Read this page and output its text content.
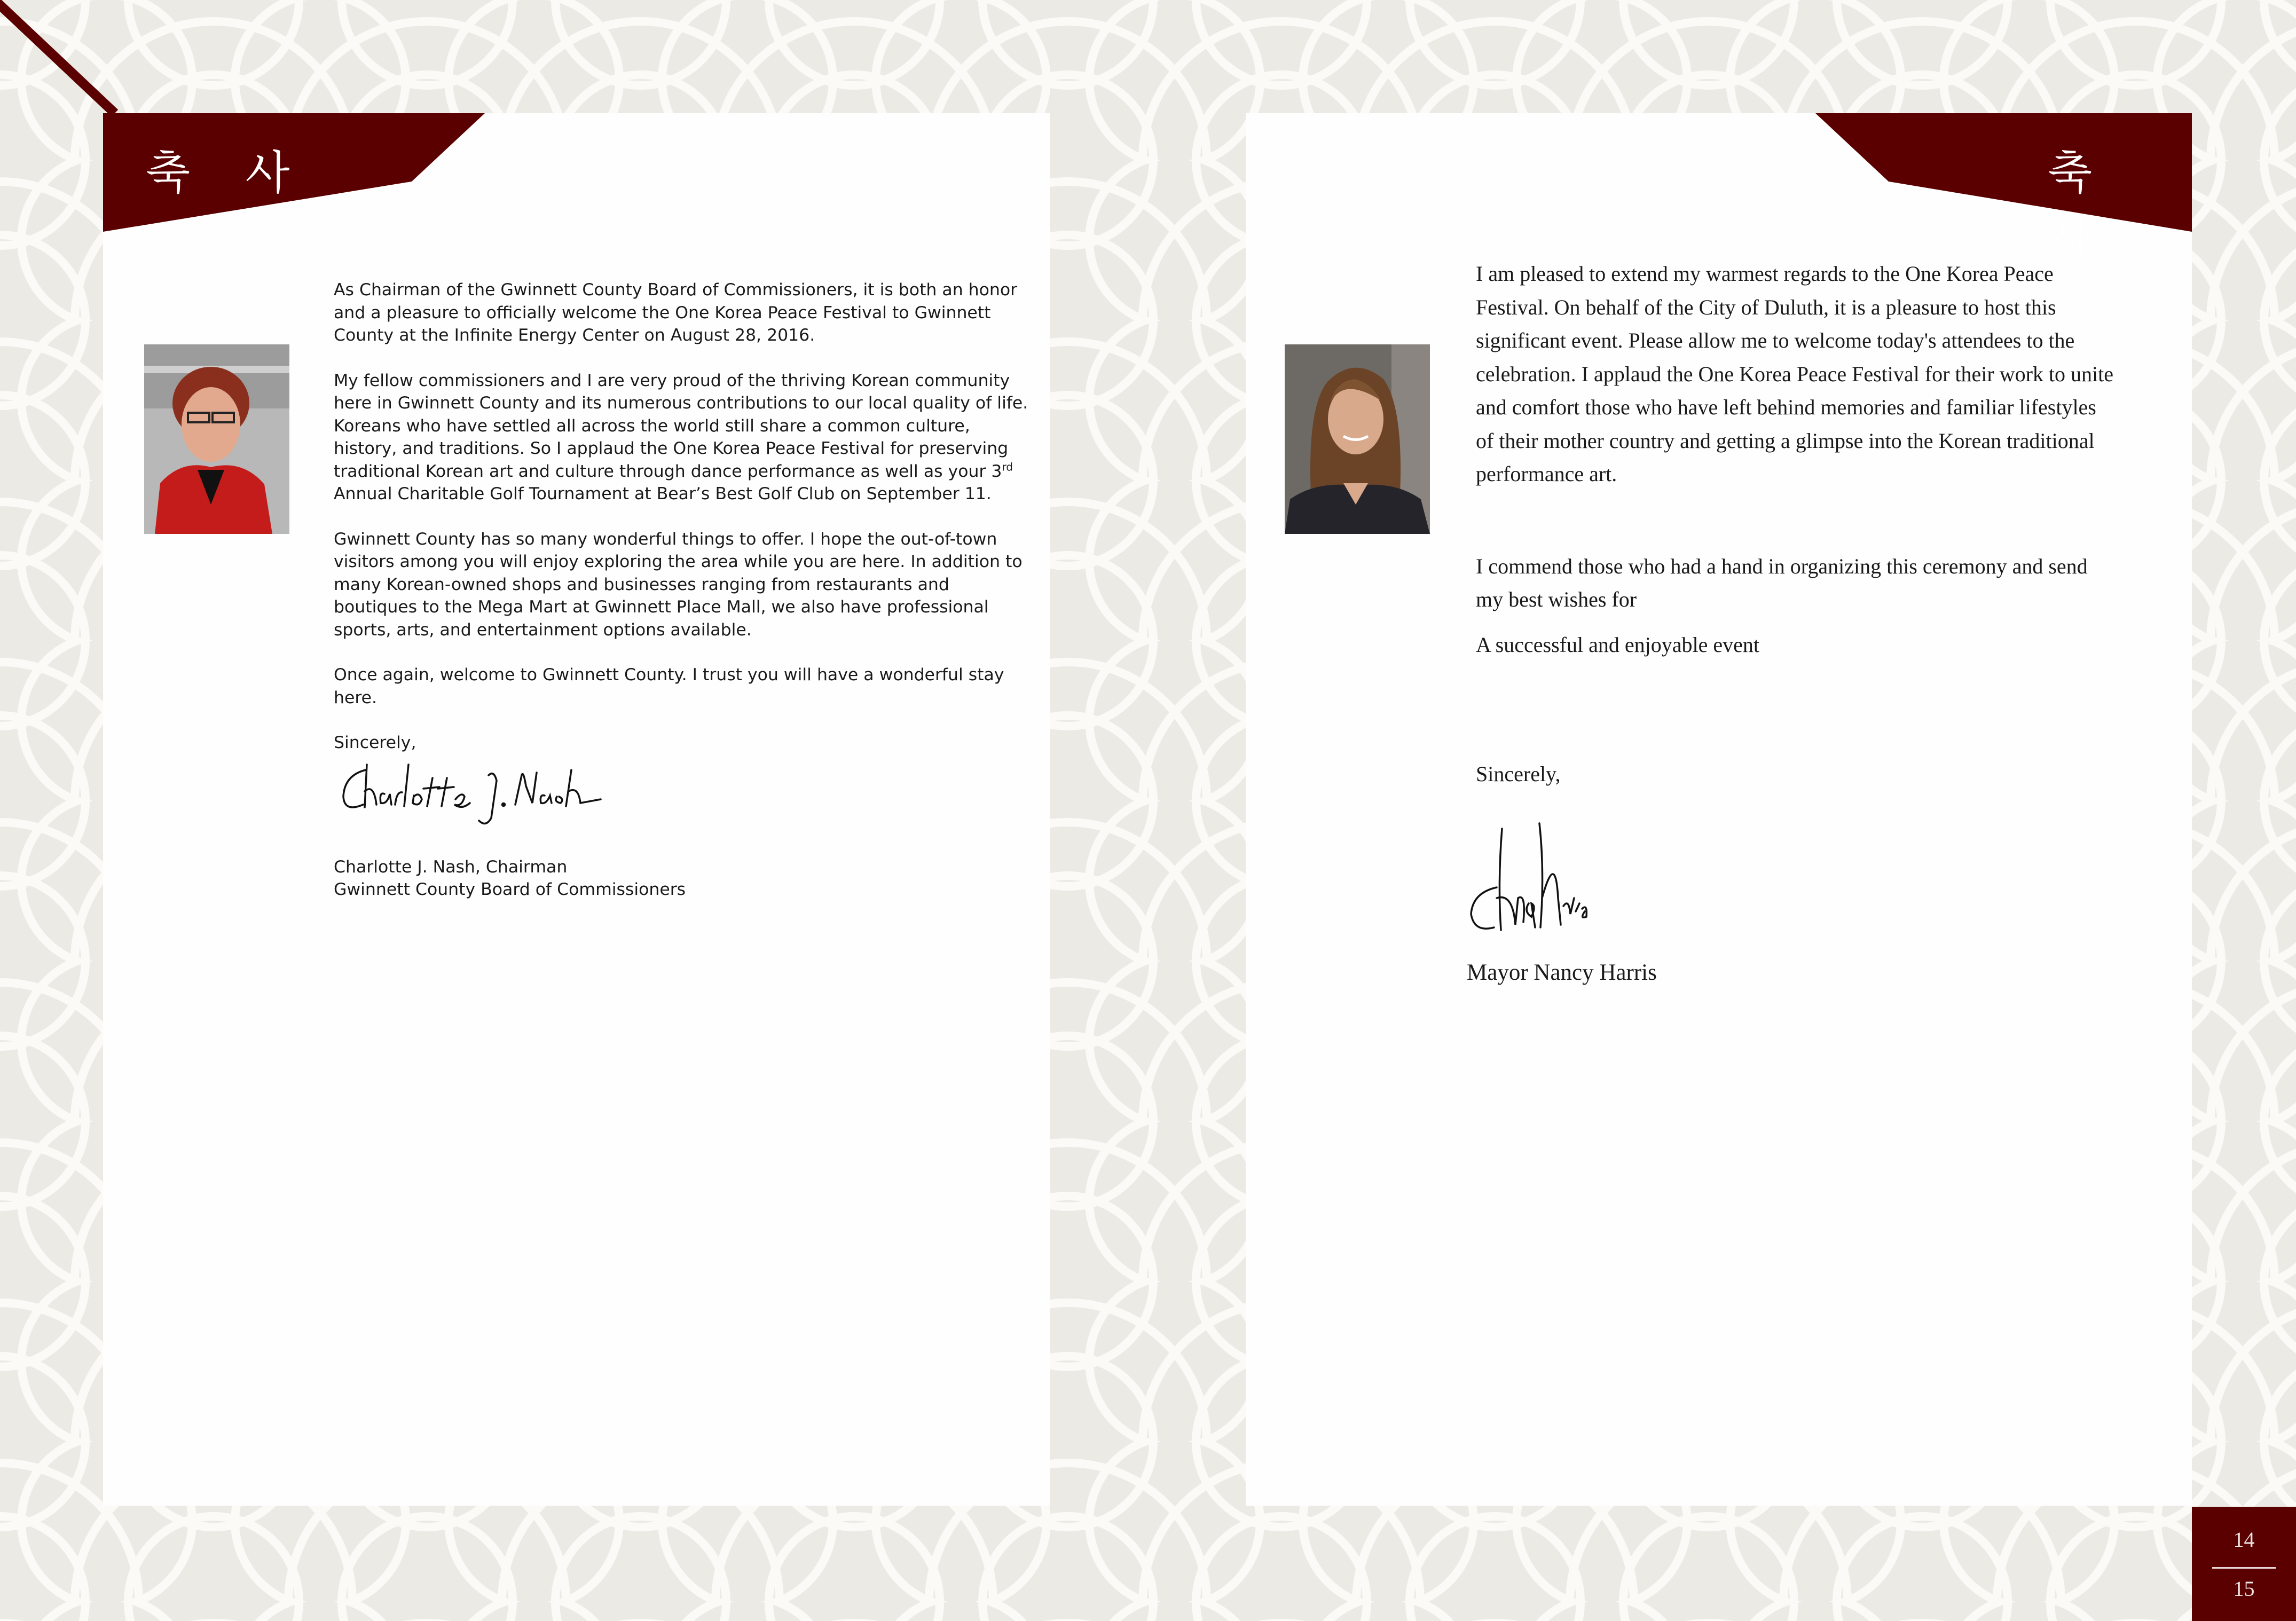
축 사

As Chairman of the Gwinnett County Board of Commissioners, it is both an honor and a pleasure to officially welcome the One Korea Peace Festival to Gwinnett County at the Infinite Energy Center on August 28, 2016.

My fellow commissioners and I are very proud of the thriving Korean community here in Gwinnett County and its numerous contributions to our local quality of life. Koreans who have settled all across the world still share a common culture, history, and traditions. So I applaud the One Korea Peace Festival for preserving traditional Korean art and culture through dance performance as well as your 3rd Annual Charitable Golf Tournament at Bear’s Best Golf Club on September 11.

Gwinnett County has so many wonderful things to offer. I hope the out-of-town visitors among you will enjoy exploring the area while you are here. In addition to many Korean-owned shops and businesses ranging from restaurants and boutiques to the Mega Mart at Gwinnett Place Mall, we also have professional sports, arts, and entertainment options available.

Once again, welcome to Gwinnett County. I trust you will have a wonderful stay here.

Sincerely,

Charlotte J. Nash, Chairman
Gwinnett County Board of Commissioners
축 사

I am pleased to extend my warmest regards to the One Korea Peace

Festival. On behalf of the City of Duluth, it is a pleasure to host this

significant event. Please allow me to welcome today's attendees to the

celebration. I applaud the One Korea Peace Festival for their work to unite

and comfort those who have left behind memories and familiar lifestyles

of their mother country and getting a glimpse into the Korean traditional

performance art.

I commend those who had a hand in organizing this ceremony and send

my best wishes for

A successful and enjoyable event

Sincerely,

Mayor Nancy Harris
14
15
